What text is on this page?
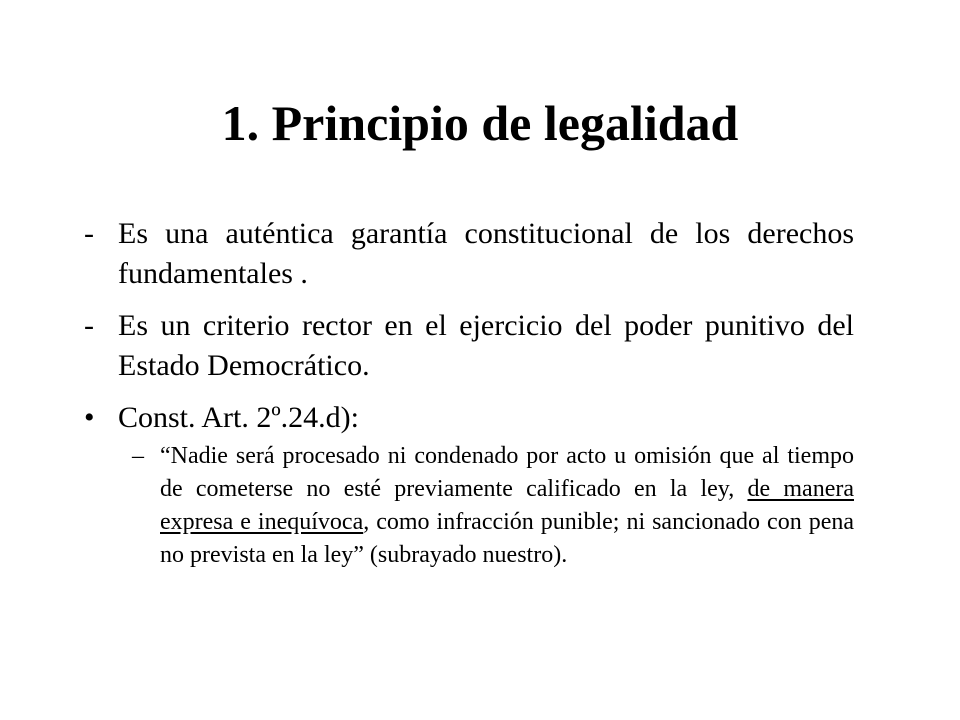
1. Principio de legalidad
- Es una auténtica garantía constitucional de los derechos fundamentales .
- Es un criterio rector en el ejercicio del poder punitivo del Estado Democrático.
• Const. Art. 2º.24.d):
– “Nadie será procesado ni condenado por acto u omisión que al tiempo de cometerse no esté previamente calificado en la ley, de manera expresa e inequívoca, como infracción punible; ni sancionado con pena no prevista en la ley” (subrayado nuestro).
